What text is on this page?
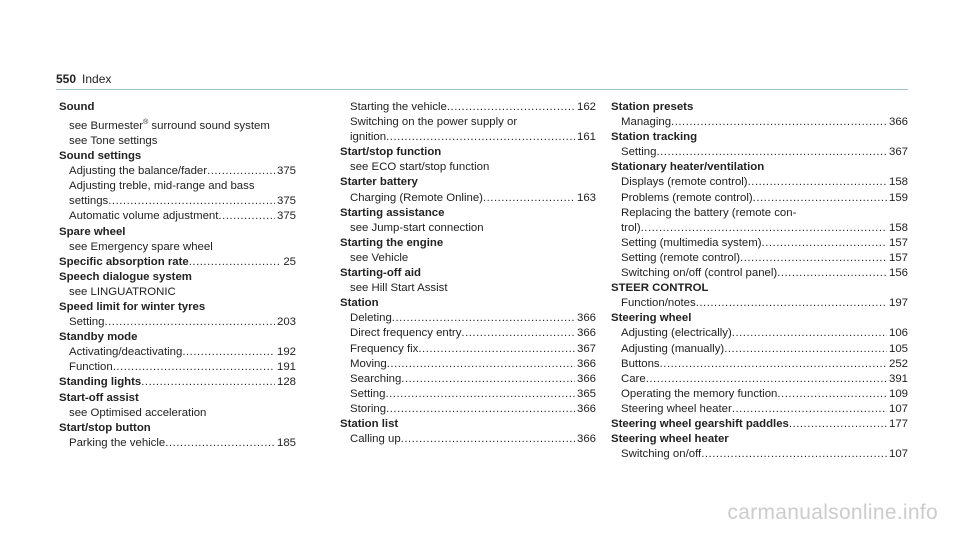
550 Index
Sound
see Burmester® surround sound system
see Tone settings
Sound settings
Adjusting the balance/fader .....	375
Adjusting treble, mid-range and bass
settings .....	375
Automatic volume adjustment .....	375
Spare wheel
see Emergency spare wheel
Specific absorption rate .....	25
Speech dialogue system
see LINGUATRONIC
Speed limit for winter tyres
Setting .....	203
Standby mode
Activating/deactivating .....	192
Function .....	191
Standing lights .....	128
Start-off assist
see Optimised acceleration
Start/stop button
Parking the vehicle .....	185
Starting the vehicle .....	162
Switching on the power supply or
ignition .....	161
Start/stop function
see ECO start/stop function
Starter battery
Charging (Remote Online) .....	163
Starting assistance
see Jump-start connection
Starting the engine
see Vehicle
Starting-off aid
see Hill Start Assist
Station
Deleting .....	366
Direct frequency entry .....	366
Frequency fix .....	367
Moving .....	366
Searching .....	366
Setting .....	365
Storing .....	366
Station list
Calling up .....	366
Station presets
Managing .....	366
Station tracking
Setting .....	367
Stationary heater/ventilation
Displays (remote control) .....	158
Problems (remote control) .....	159
Replacing the battery (remote con-
trol) .....	158
Setting (multimedia system) .....	157
Setting (remote control) .....	157
Switching on/off (control panel) .....	156
STEER CONTROL
Function/notes .....	197
Steering wheel
Adjusting (electrically) .....	106
Adjusting (manually) .....	105
Buttons .....	252
Care .....	391
Operating the memory function .....	109
Steering wheel heater .....	107
Steering wheel gearshift paddles .....	177
Steering wheel heater
Switching on/off .....	107
carmanualsonline.info
